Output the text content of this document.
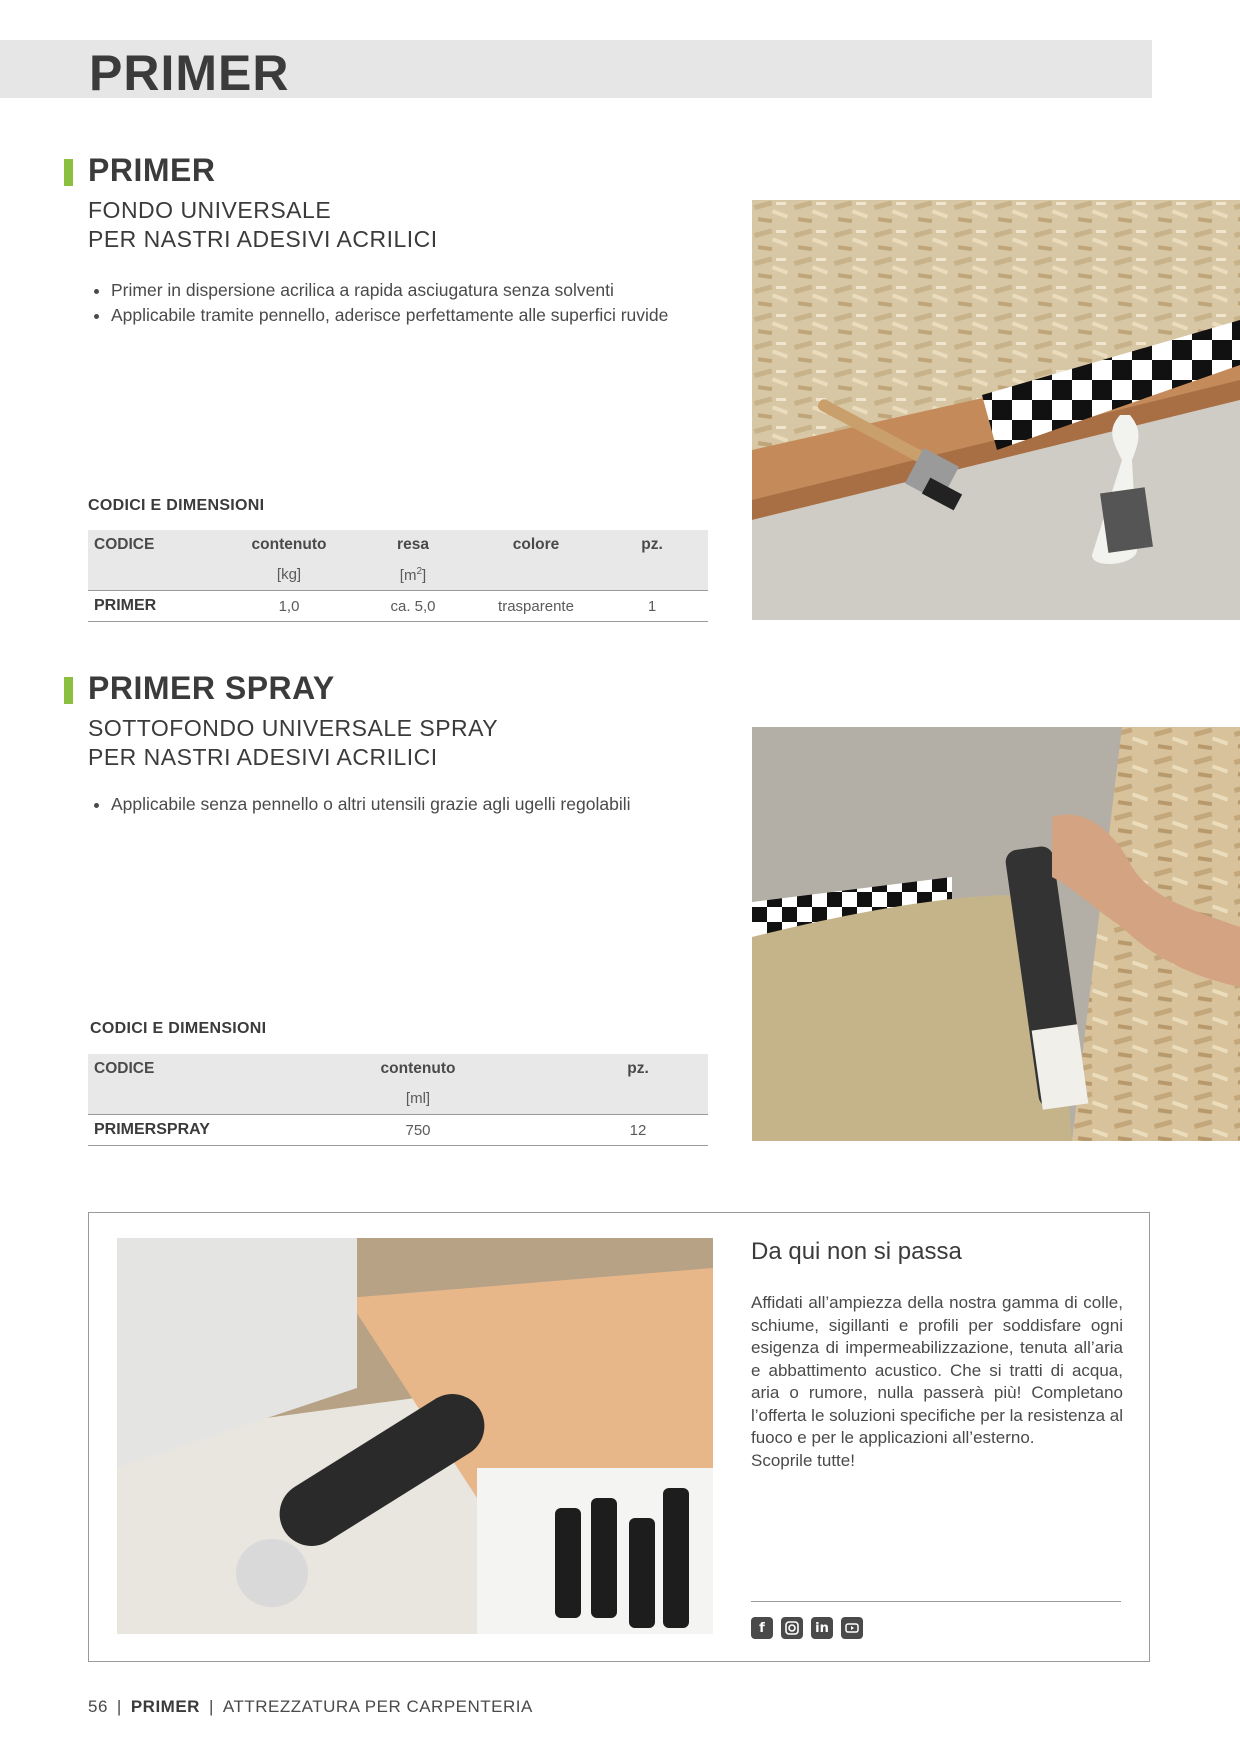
PRIMER
PRIMER
FONDO UNIVERSALE
PER NASTRI ADESIVI ACRILICI
• Primer in dispersione acrilica a rapida asciugatura senza solventi
• Applicabile tramite pennello, aderisce perfettamente alle superfici ruvide
CODICI E DIMENSIONI
CODICE	contenuto	resa	colore	pz.
	[kg]	$[m^2]$		
PRIMER	1,0	ca. 5,0	trasparente	1
PRIMER SPRAY
SOTTOFONDO UNIVERSALE SPRAY
PER NASTRI ADESIVI ACRILICI
• Applicabile senza pennello o altri utensili grazie agli ugelli regolabili
CODICI E DIMENSIONI
CODICE	contenuto	pz.
	[ml]	
PRIMERSPRAY	750	12
Da qui non si passa

Affidati all’ampiezza della nostra gamma di colle, schiume, sigillanti e profili per soddisfare ogni esigenza di impermeabilizzazione, tenuta all’aria e abbattimento acustico. Che si tratti di acqua, aria o rumore, nulla passerà più! Completano l’offerta le soluzioni specifiche per la resistenza al fuoco e per le applicazioni all’esterno.

Scoprile tutte!

f	in
56 | PRIMER | ATTREZZATURA PER CARPENTERIA
